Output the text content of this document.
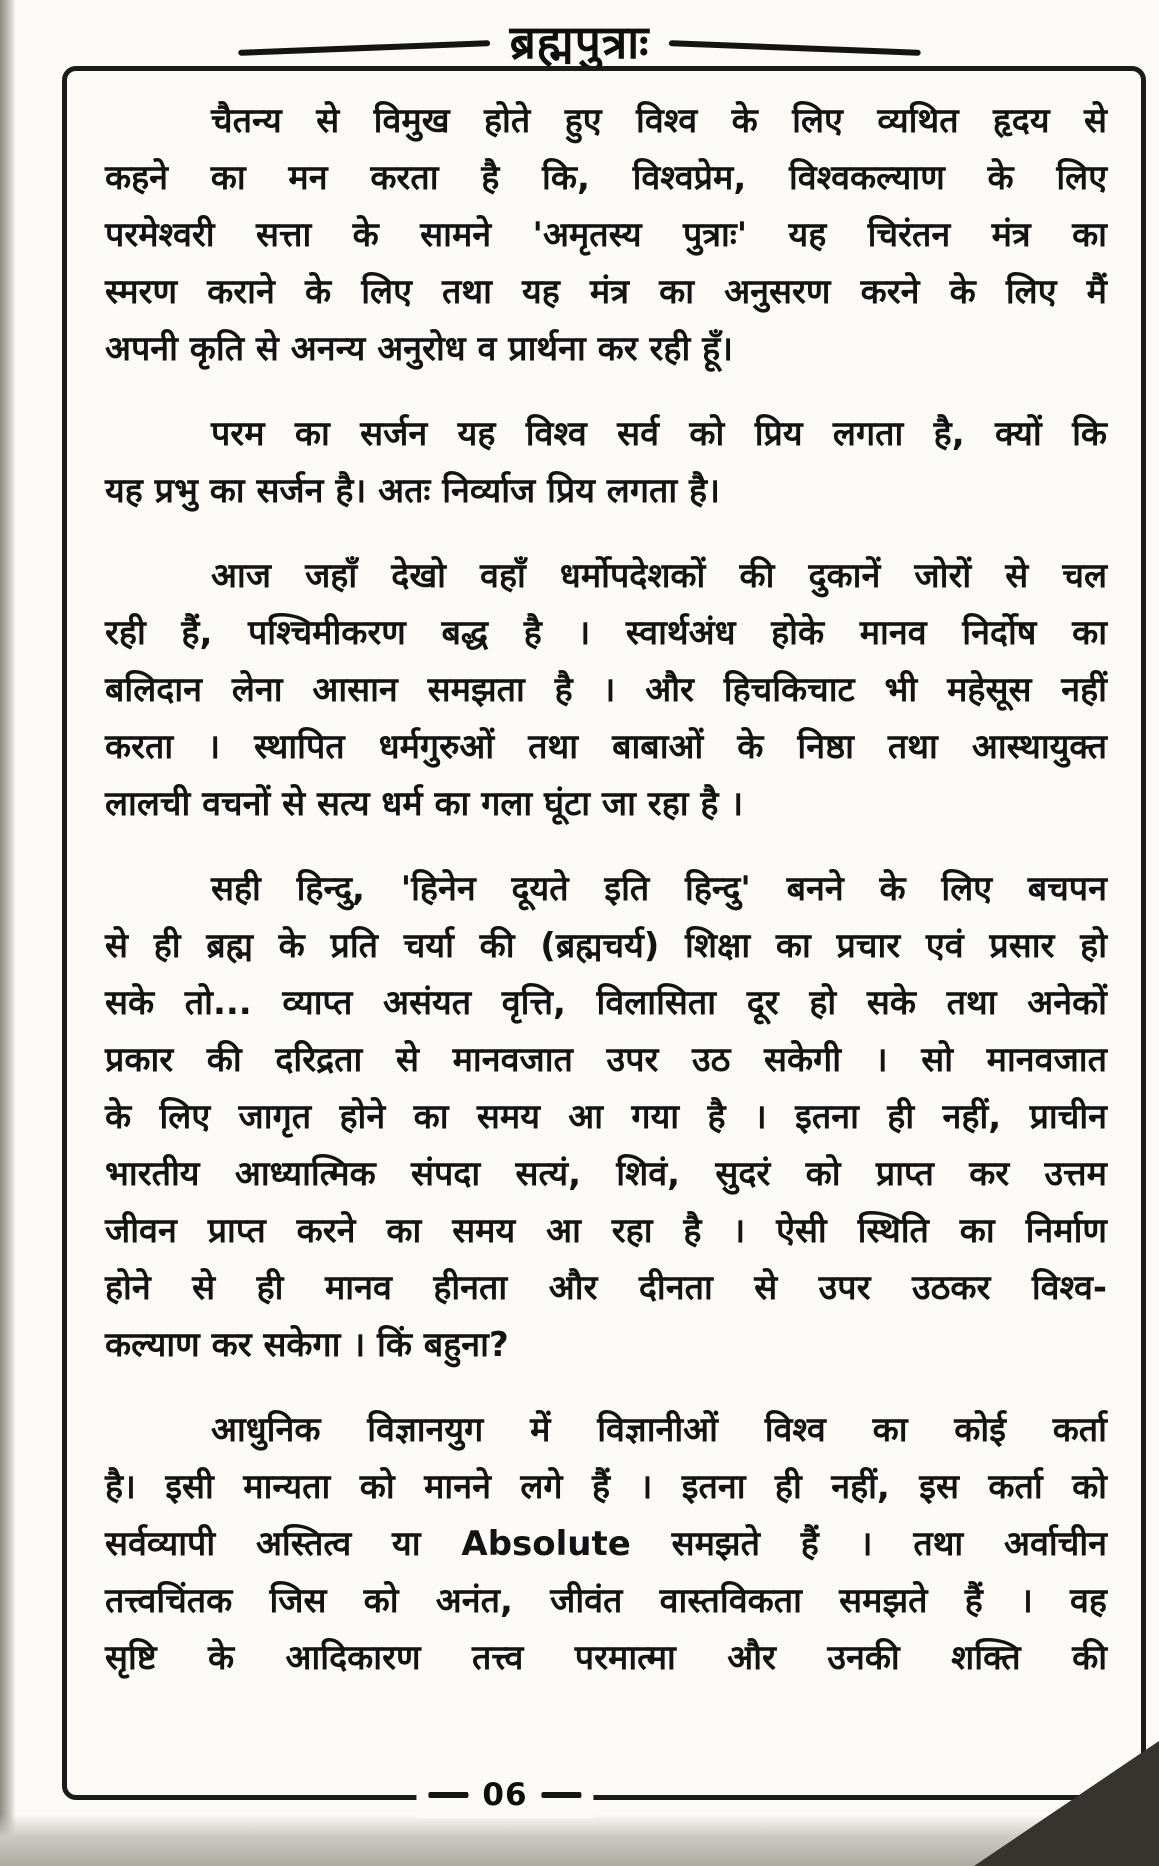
ब्रह्मपुत्राः
चैतन्य से विमुख होते हुए विश्व के लिए व्यथित हृदय से
कहने का मन करता है कि, विश्वप्रेम, विश्वकल्याण के लिए
परमेश्वरी सत्ता के सामने 'अमृतस्य पुत्राः' यह चिरंतन मंत्र का
स्मरण कराने के लिए तथा यह मंत्र का अनुसरण करने के लिए मैं
अपनी कृति से अनन्य अनुरोध व प्रार्थना कर रही हूँ।
परम का सर्जन यह विश्व सर्व को प्रिय लगता है, क्यों कि
यह प्रभु का सर्जन है। अतः निर्व्याज प्रिय लगता है।
आज जहाँ देखो वहाँ धर्मोपदेशकों की दुकानें जोरों से चल
रही हैं, पश्चिमीकरण बद्ध है । स्वार्थअंध होके मानव निर्दोष का
बलिदान लेना आसान समझता है । और हिचकिचाट भी महेसूस नहीं
करता । स्थापित धर्मगुरुओं तथा बाबाओं के निष्ठा तथा आस्थायुक्त
लालची वचनों से सत्य धर्म का गला घूंटा जा रहा है ।
सही हिन्दु, 'हिनेन दूयते इति हिन्दु' बनने के लिए बचपन
से ही ब्रह्म के प्रति चर्या की (ब्रह्मचर्य) शिक्षा का प्रचार एवं प्रसार हो
सके तो... व्याप्त असंयत वृत्ति, विलासिता दूर हो सके तथा अनेकों
प्रकार की दरिद्रता से मानवजात उपर उठ सकेगी । सो मानवजात
के लिए जागृत होने का समय आ गया है । इतना ही नहीं, प्राचीन
भारतीय आध्यात्मिक संपदा सत्यं, शिवं, सुदरं को प्राप्त कर उत्तम
जीवन प्राप्त करने का समय आ रहा है । ऐसी स्थिति का निर्माण
होने से ही मानव हीनता और दीनता से उपर उठकर विश्व-
कल्याण कर सकेगा । किं बहुना?
आधुनिक विज्ञानयुग में विज्ञानीओं विश्व का कोई कर्ता
है। इसी मान्यता को मानने लगे हैं । इतना ही नहीं, इस कर्ता को
सर्वव्यापी अस्तित्व या Absolute समझते हैं । तथा अर्वाचीन
तत्त्वचिंतक जिस को अनंत, जीवंत वास्तविकता समझते हैं । वह
सृष्टि के आदिकारण तत्त्व परमात्मा और उनकी शक्ति की
06
